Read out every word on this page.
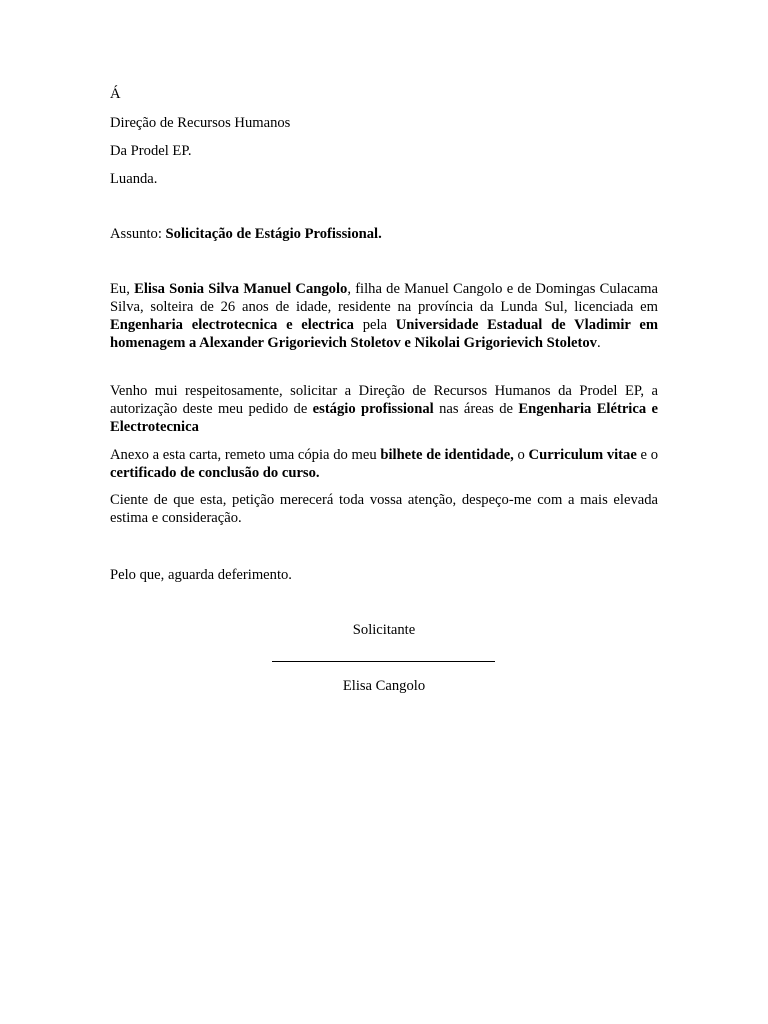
Á
Direção de Recursos Humanos
Da Prodel EP.
Luanda.
Assunto: Solicitação de Estágio Profissional.
Eu, Elisa Sonia Silva Manuel Cangolo, filha de Manuel Cangolo e de Domingas Culacama Silva, solteira de 26 anos de idade, residente na província da Lunda Sul, licenciada em Engenharia electrotecnica e electrica pela Universidade Estadual de Vladimir em homenagem a Alexander Grigorievich Stoletov e Nikolai Grigorievich Stoletov.
Venho mui respeitosamente, solicitar a Direção de Recursos Humanos da Prodel EP, a autorização deste meu pedido de estágio profissional nas áreas de Engenharia Elétrica e Electrotecnica
Anexo a esta carta, remeto uma cópia do meu bilhete de identidade, o Curriculum vitae e o certificado de conclusão do curso.
Ciente de que esta, petição merecerá toda vossa atenção, despeço-me com a mais elevada estima e consideração.
Pelo que, aguarda deferimento.
Solicitante
Elisa Cangolo
